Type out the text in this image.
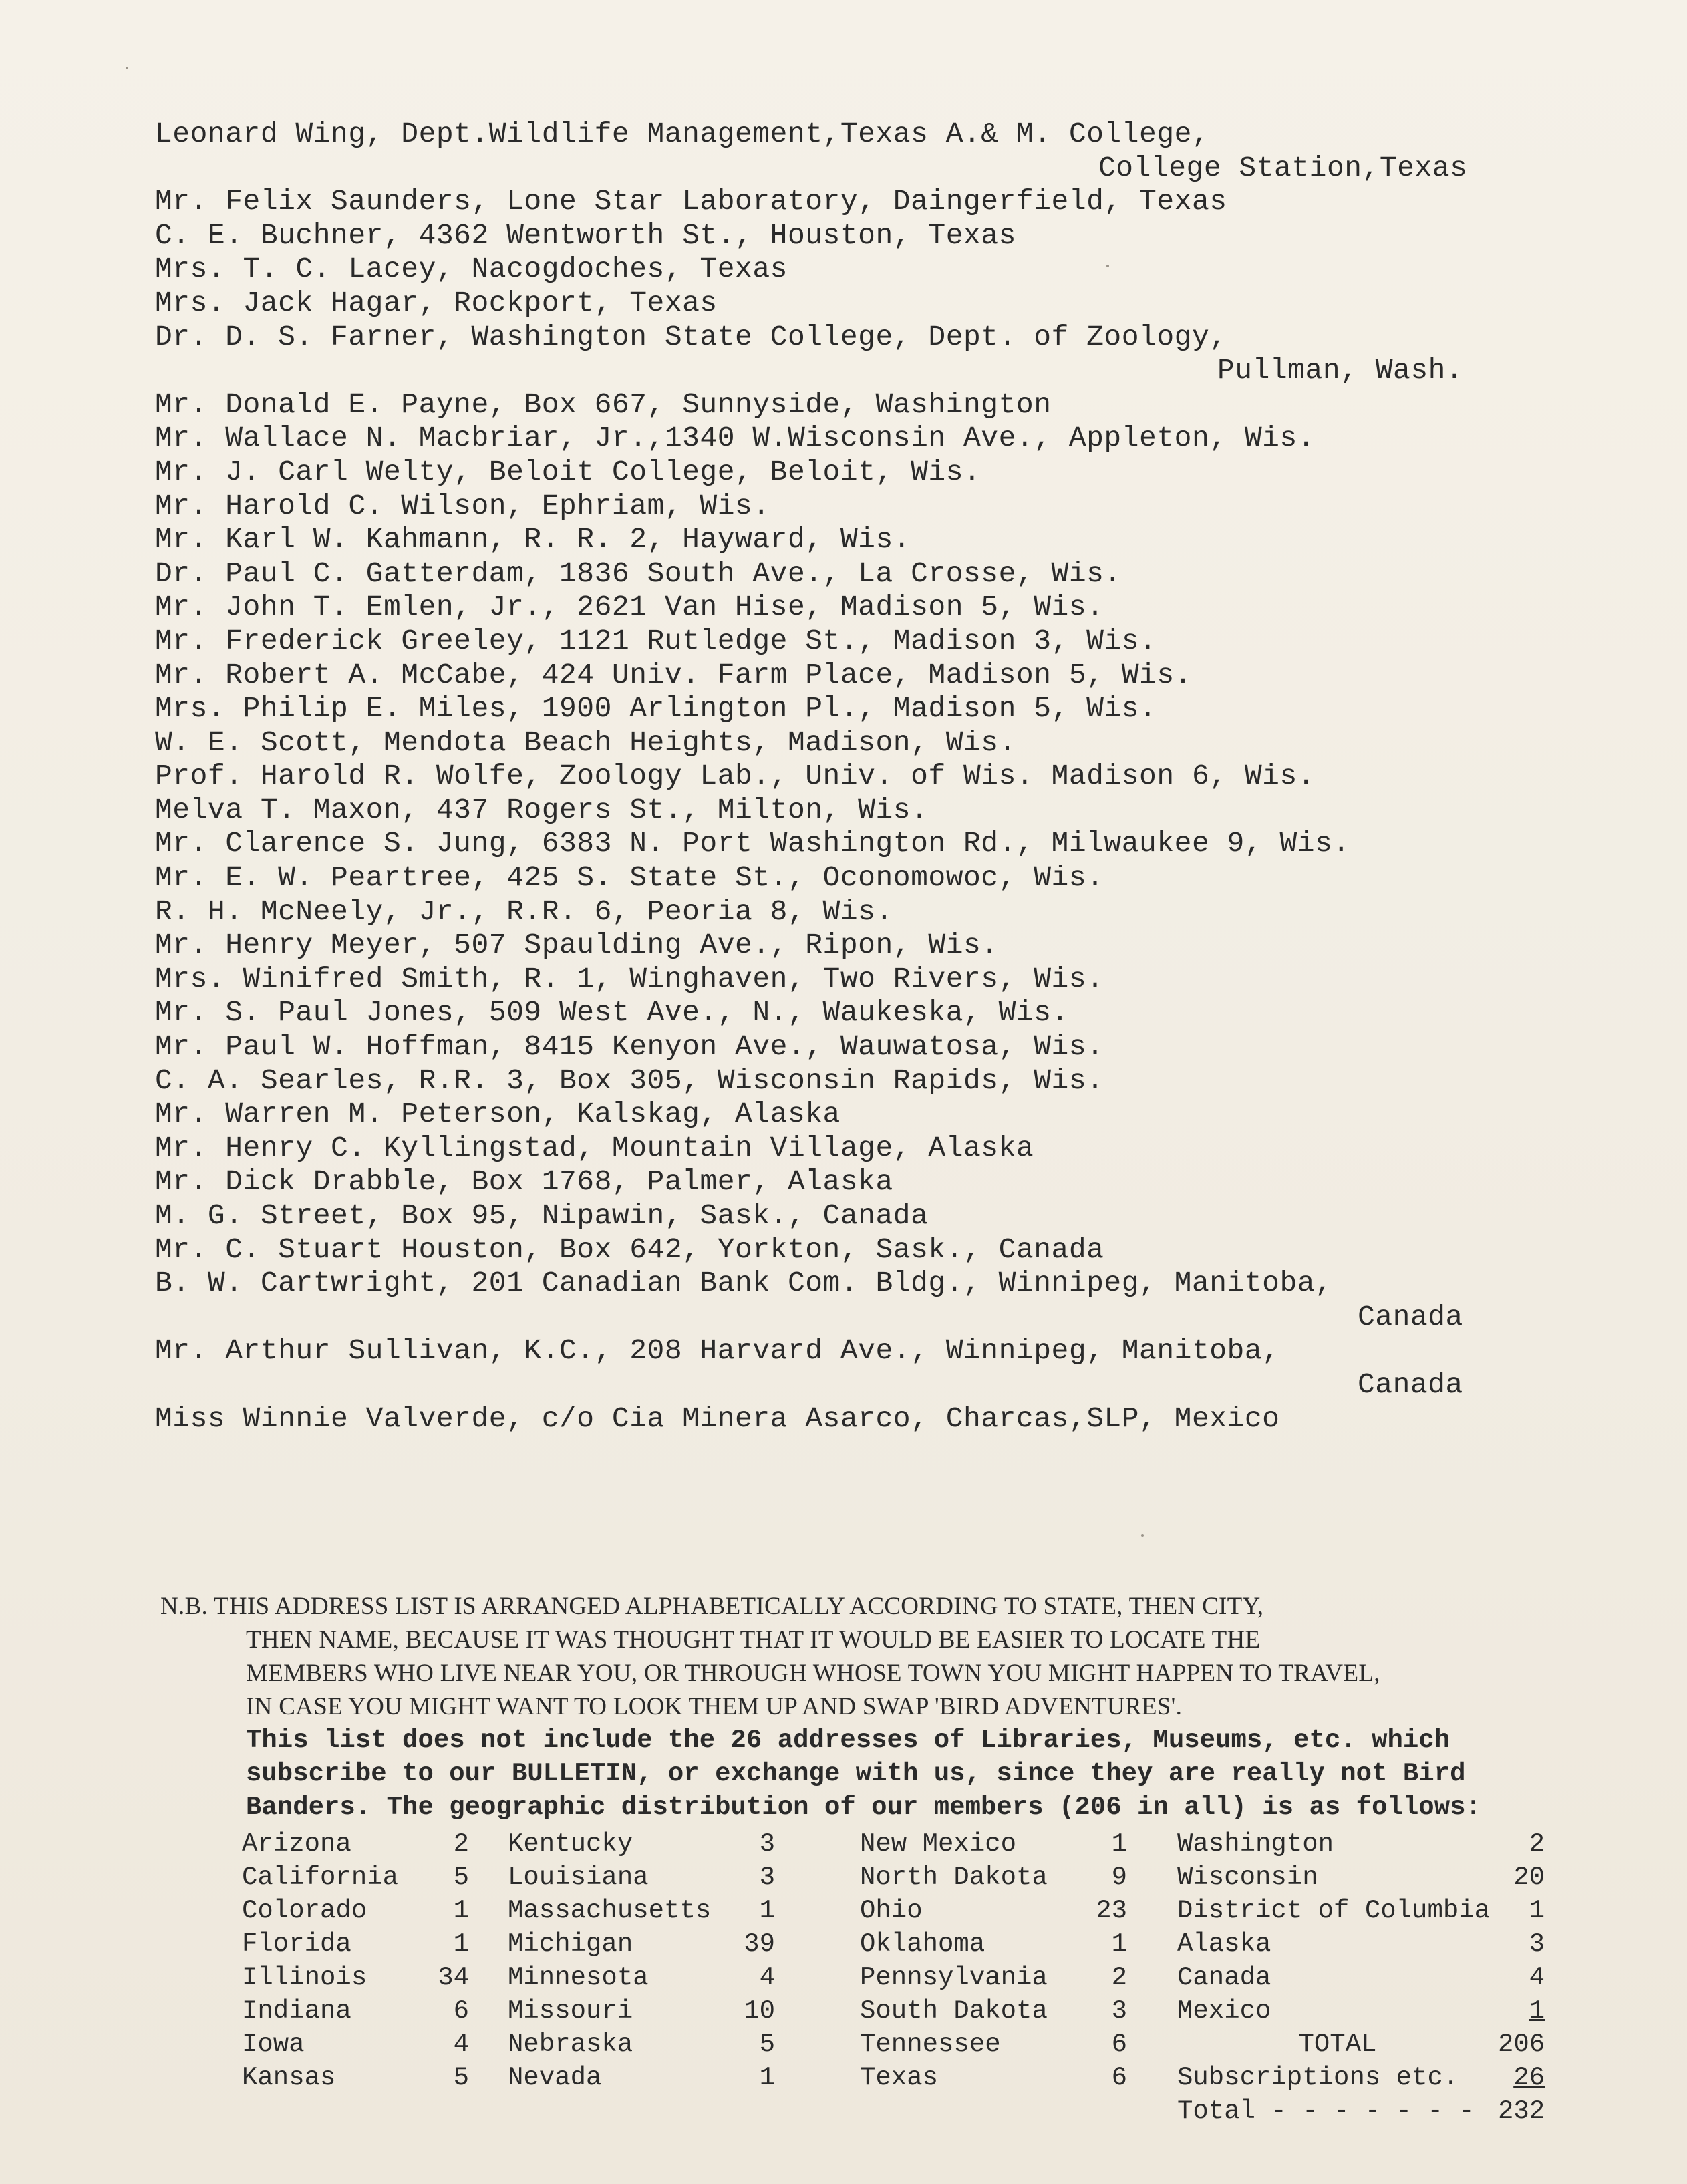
Leonard Wing, Dept.Wildlife Management,Texas A.& M. College,
College Station,Texas
Mr. Felix Saunders, Lone Star Laboratory, Daingerfield, Texas
C. E. Buchner, 4362 Wentworth St., Houston, Texas
Mrs. T. C. Lacey, Nacogdoches, Texas
Mrs. Jack Hagar, Rockport, Texas
Dr. D. S. Farner, Washington State College, Dept. of Zoology,
Pullman, Wash.
Mr. Donald E. Payne, Box 667, Sunnyside, Washington
Mr. Wallace N. Macbriar, Jr.,1340 W.Wisconsin Ave., Appleton, Wis.
Mr. J. Carl Welty, Beloit College, Beloit, Wis.
Mr. Harold C. Wilson, Ephriam, Wis.
Mr. Karl W. Kahmann, R. R. 2, Hayward, Wis.
Dr. Paul C. Gatterdam, 1836 South Ave., La Crosse, Wis.
Mr. John T. Emlen, Jr., 2621 Van Hise, Madison 5, Wis.
Mr. Frederick Greeley, 1121 Rutledge St., Madison 3, Wis.
Mr. Robert A. McCabe, 424 Univ. Farm Place, Madison 5, Wis.
Mrs. Philip E. Miles, 1900 Arlington Pl., Madison 5, Wis.
W. E. Scott, Mendota Beach Heights, Madison, Wis.
Prof. Harold R. Wolfe, Zoology Lab., Univ. of Wis. Madison 6, Wis.
Melva T. Maxon, 437 Rogers St., Milton, Wis.
Mr. Clarence S. Jung, 6383 N. Port Washington Rd., Milwaukee 9, Wis.
Mr. E. W. Peartree, 425 S. State St., Oconomowoc, Wis.
R. H. McNeely, Jr., R.R. 6, Peoria 8, Wis.
Mr. Henry Meyer, 507 Spaulding Ave., Ripon, Wis.
Mrs. Winifred Smith, R. 1, Winghaven, Two Rivers, Wis.
Mr. S. Paul Jones, 509 West Ave., N., Waukeska, Wis.
Mr. Paul W. Hoffman, 8415 Kenyon Ave., Wauwatosa, Wis.
C. A. Searles, R.R. 3, Box 305, Wisconsin Rapids, Wis.
Mr. Warren M. Peterson, Kalskag, Alaska
Mr. Henry C. Kyllingstad, Mountain Village, Alaska
Mr. Dick Drabble, Box 1768, Palmer, Alaska
M. G. Street, Box 95, Nipawin, Sask., Canada
Mr. C. Stuart Houston, Box 642, Yorkton, Sask., Canada
B. W. Cartwright, 201 Canadian Bank Com. Bldg., Winnipeg, Manitoba,
Canada
Mr. Arthur Sullivan, K.C., 208 Harvard Ave., Winnipeg, Manitoba,
Canada
Miss Winnie Valverde, c/o Cia Minera Asarco, Charcas,SLP, Mexico
N.B. THIS ADDRESS LIST IS ARRANGED ALPHABETICALLY ACCORDING TO STATE, THEN CITY,
THEN NAME, BECAUSE IT WAS THOUGHT THAT IT WOULD BE EASIER TO LOCATE THE
MEMBERS WHO LIVE NEAR YOU, OR THROUGH WHOSE TOWN YOU MIGHT HAPPEN TO TRAVEL,
IN CASE YOU MIGHT WANT TO LOOK THEM UP AND SWAP 'BIRD ADVENTURES'.
This list does not include the 26 addresses of Libraries, Museums, etc. which
subscribe to our BULLETIN, or exchange with us, since they are really not Bird
Banders. The geographic distribution of our members (206 in all) is as follows:
Arizona	2
California	5
Colorado	1
Florida	1
Illinois	34
Indiana	6
Iowa	4
Kansas	5
Kentucky	3
Louisiana	3
Massachusetts	1
Michigan	39
Minnesota	4
Missouri	10
Nebraska	5
Nevada	1
New Mexico	1
North Dakota	9
Ohio	23
Oklahoma	1
Pennsylvania	2
South Dakota	3
Tennessee	6
Texas	6
Washington	2
Wisconsin	20
District of Columbia	1
Alaska	3
Canada	4
Mexico	1
TOTAL	206
Subscriptions etc.	26
Total - - - - - - - 232
